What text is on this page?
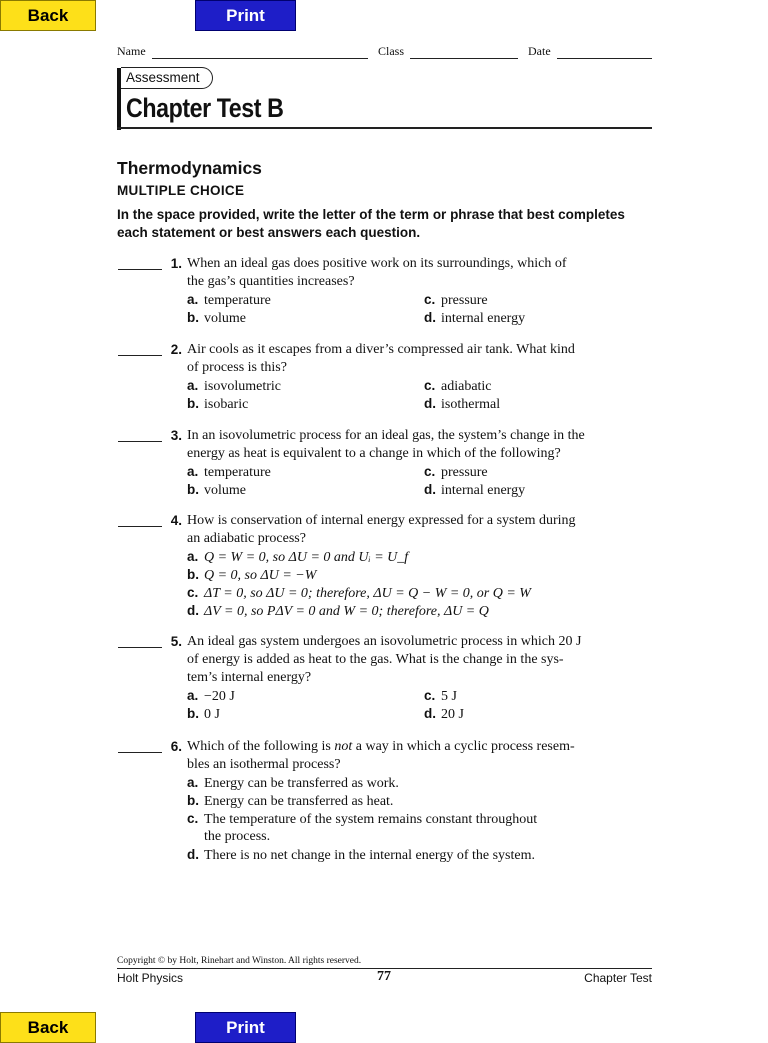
Back	Print
Name	Class	Date
Assessment
Chapter Test B
Thermodynamics
MULTIPLE CHOICE
In the space provided, write the letter of the term or phrase that best completes
each statement or best answers each question.
1. When an ideal gas does positive work on its surroundings, which of
the gas’s quantities increases?
a. temperature	c. pressure
b. volume	d. internal energy
2. Air cools as it escapes from a diver’s compressed air tank. What kind
of process is this?
a. isovolumetric	c. adiabatic
b. isobaric	d. isothermal
3. In an isovolumetric process for an ideal gas, the system’s change in the
energy as heat is equivalent to a change in which of the following?
a. temperature	c. pressure
b. volume	d. internal energy
4. How is conservation of internal energy expressed for a system during
an adiabatic process?
a. Q = W = 0, so ΔU = 0 and Uᵢ = U_f
b. Q = 0, so ΔU = −W
c. ΔT = 0, so ΔU = 0; therefore, ΔU = Q − W = 0, or Q = W
d. ΔV = 0, so PΔV = 0 and W = 0; therefore, ΔU = Q
5. An ideal gas system undergoes an isovolumetric process in which 20 J
of energy is added as heat to the gas. What is the change in the sys-
tem’s internal energy?
a. −20 J	c. 5 J
b. 0 J	d. 20 J
6. Which of the following is not a way in which a cyclic process resem-
bles an isothermal process?
a. Energy can be transferred as work.
b. Energy can be transferred as heat.
c. The temperature of the system remains constant throughout
the process.
d. There is no net change in the internal energy of the system.
Copyright © by Holt, Rinehart and Winston. All rights reserved.
Holt Physics	77	Chapter Test
Back	Print
